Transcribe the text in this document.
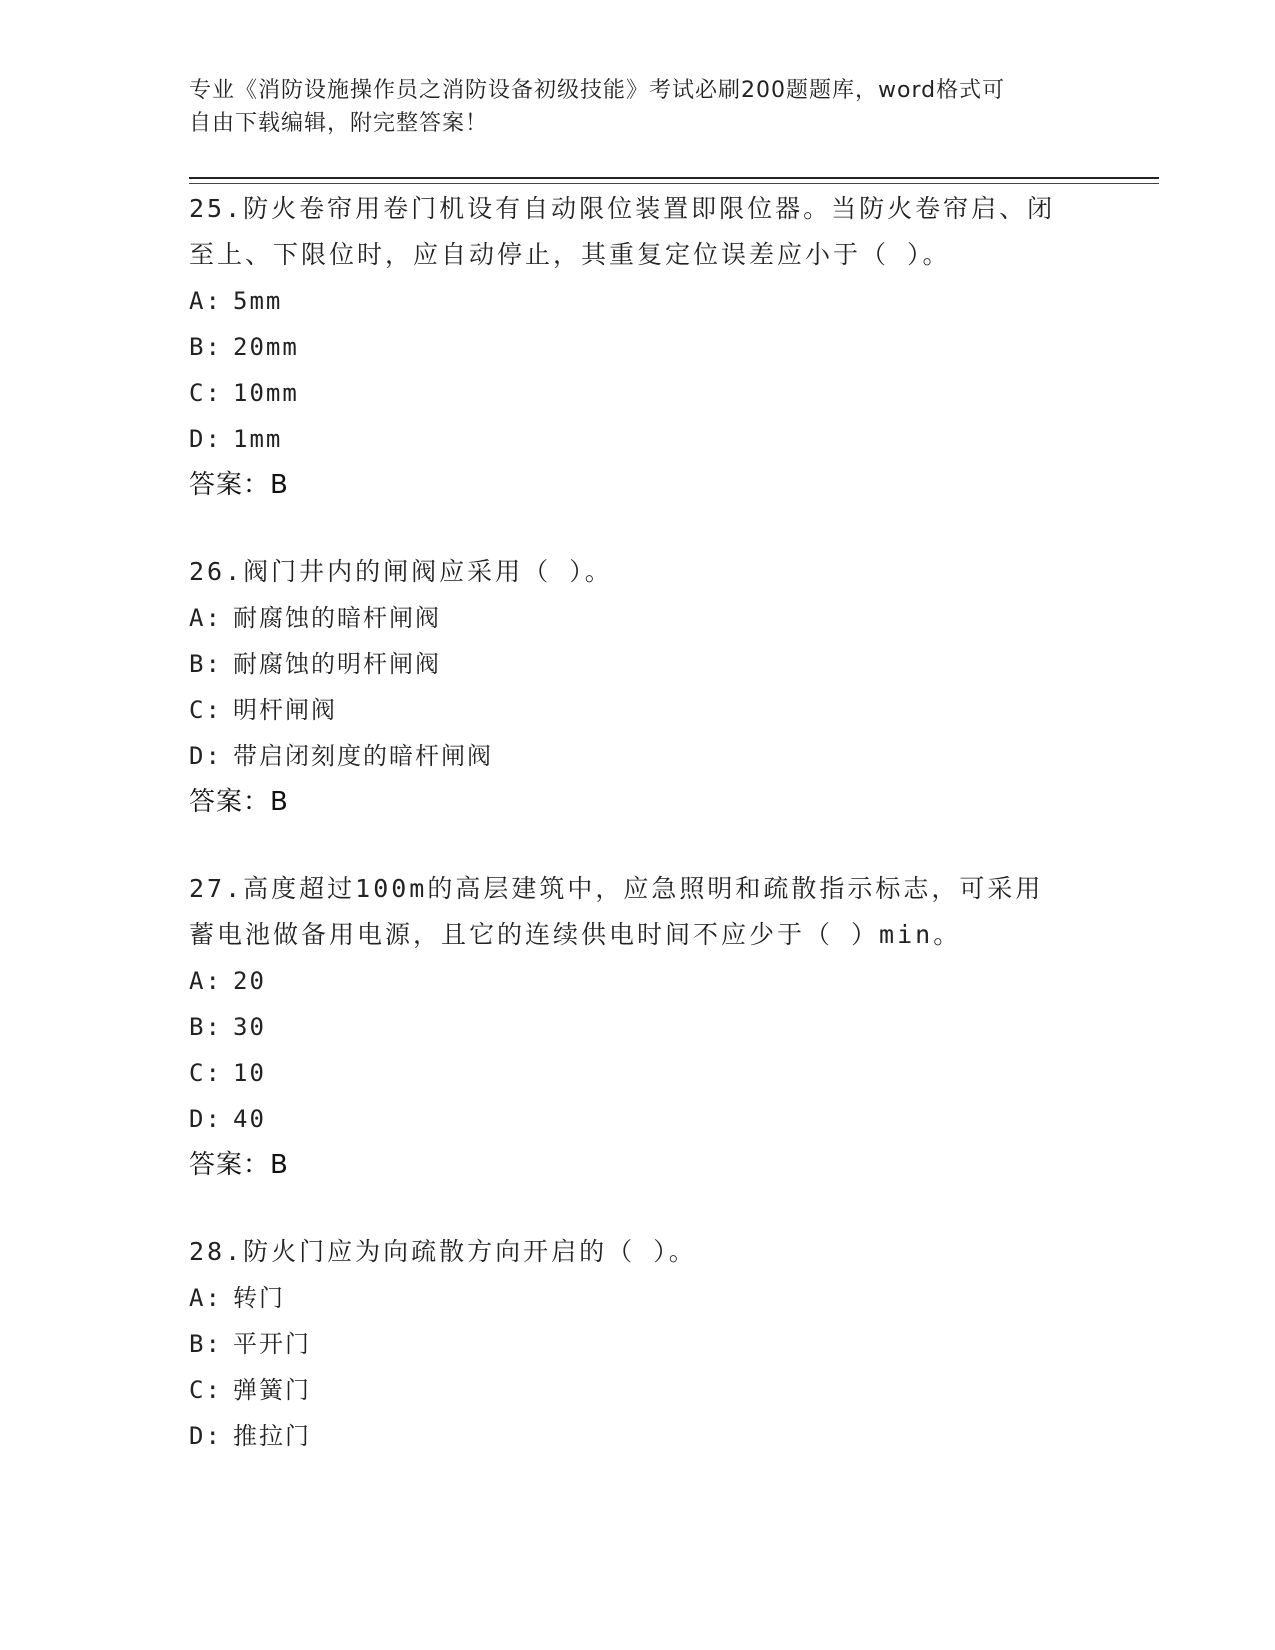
专业《消防设施操作员之消防设备初级技能》考试必刷200题题库，word格式可
自由下载编辑，附完整答案！
25.防火卷帘用卷门机设有自动限位装置即限位器。当防火卷帘启、闭
至上、下限位时，应自动停止，其重复定位误差应小于（ ）。
A: 5mm
B: 20mm
C: 10mm
D: 1mm
答案：B
26.阀门井内的闸阀应采用（ ）。
A: 耐腐蚀的暗杆闸阀
B: 耐腐蚀的明杆闸阀
C: 明杆闸阀
D: 带启闭刻度的暗杆闸阀
答案：B
27.高度超过100m的高层建筑中，应急照明和疏散指示标志，可采用
蓄电池做备用电源，且它的连续供电时间不应少于（ ）min。
A: 20
B: 30
C: 10
D: 40
答案：B
28.防火门应为向疏散方向开启的（ ）。
A: 转门
B: 平开门
C: 弹簧门
D: 推拉门
